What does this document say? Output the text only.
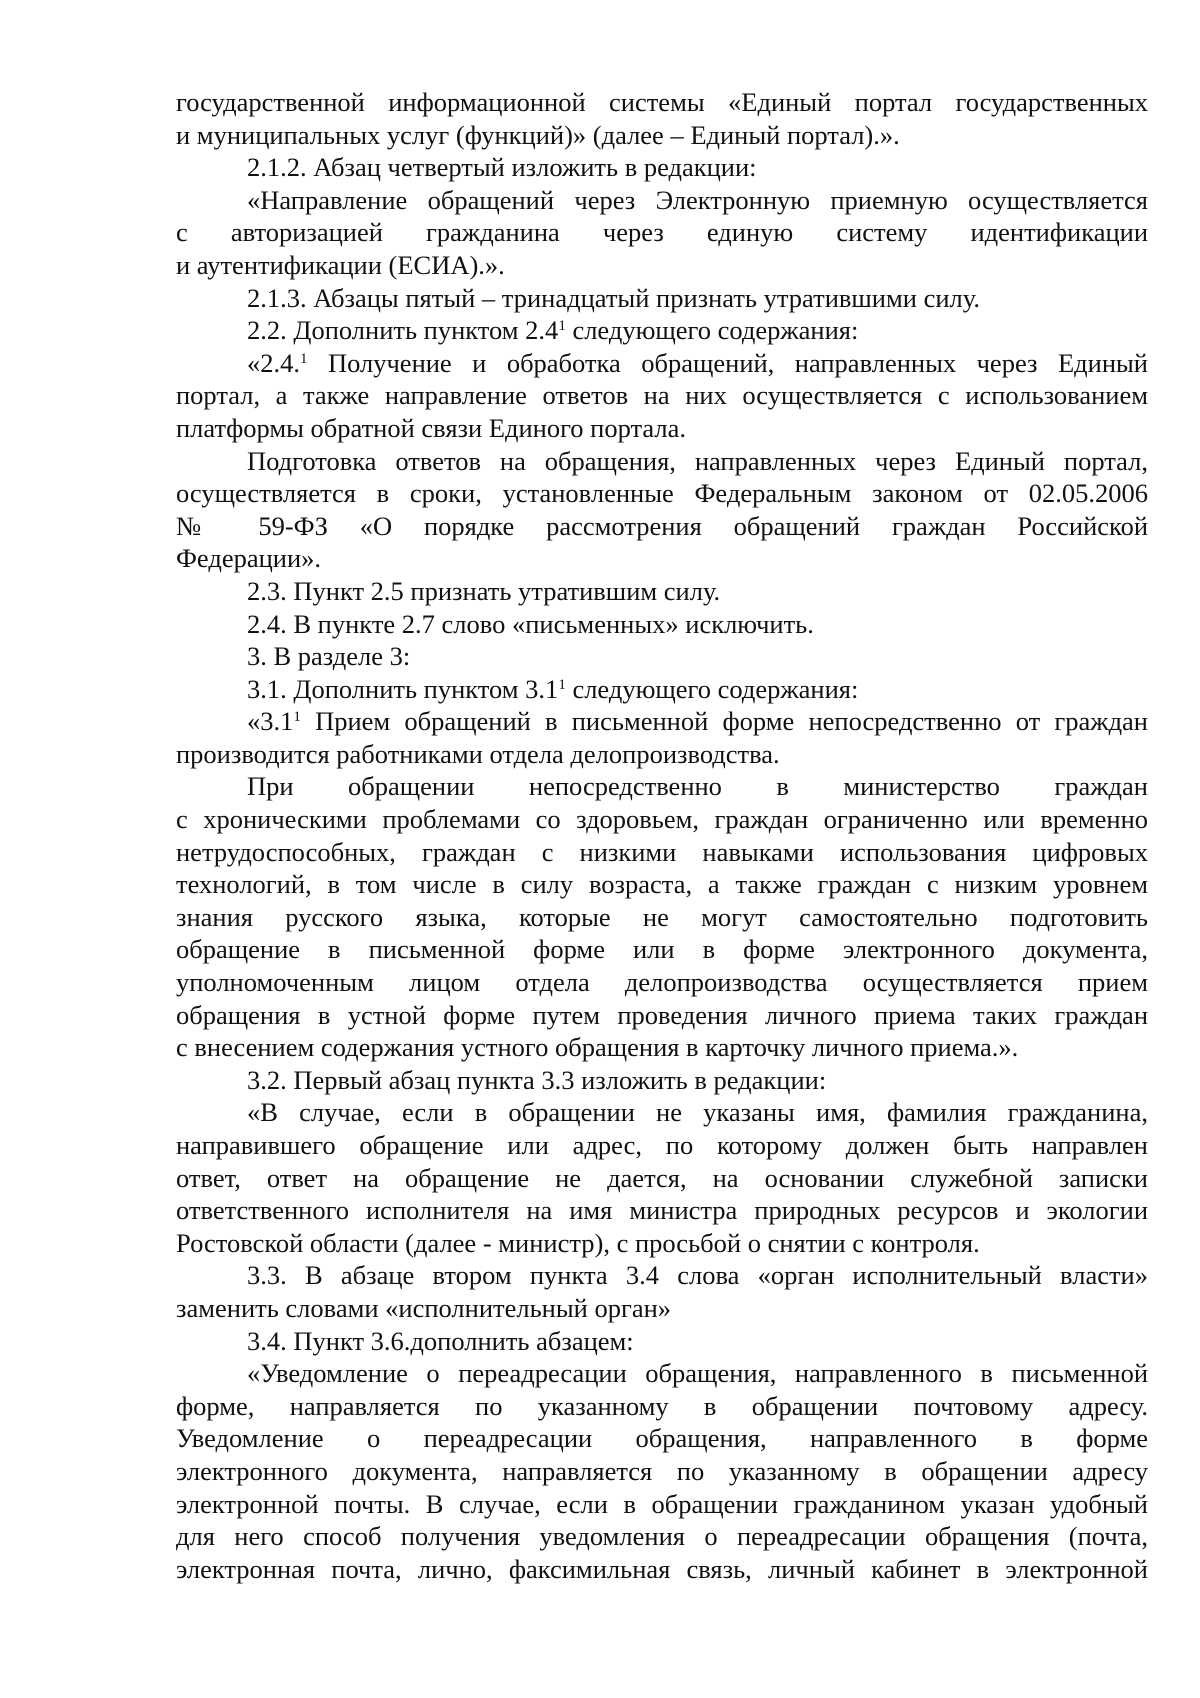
государственной информационной системы «Единый портал государственных
и муниципальных услуг (функций)» (далее – Единый портал).».
2.1.2. Абзац четвертый изложить в редакции:
«Направление обращений через Электронную приемную осуществляется
с авторизацией гражданина через единую систему идентификации
и аутентификации (ЕСИА).».
2.1.3. Абзацы пятый – тринадцатый признать утратившими силу.
2.2. Дополнить пунктом $2.4^1$ следующего содержания:
«2.4.$^1$ Получение и обработка обращений, направленных через Единый
портал, а также направление ответов на них осуществляется с использованием
платформы обратной связи Единого портала.
Подготовка ответов на обращения, направленных через Единый портал,
осуществляется в сроки, установленные Федеральным законом от 02.05.2006
№ 59-ФЗ «О порядке рассмотрения обращений граждан Российской
Федерации».
2.3. Пункт 2.5 признать утратившим силу.
2.4. В пункте 2.7 слово «письменных» исключить.
3. В разделе 3:
3.1. Дополнить пунктом $3.1^1$ следующего содержания:
«$3.1^1$ Прием обращений в письменной форме непосредственно от граждан
производится работниками отдела делопроизводства.
При обращении непосредственно в министерство граждан
с хроническими проблемами со здоровьем, граждан ограниченно или временно
нетрудоспособных, граждан с низкими навыками использования цифровых
технологий, в том числе в силу возраста, а также граждан с низким уровнем
знания русского языка, которые не могут самостоятельно подготовить
обращение в письменной форме или в форме электронного документа,
уполномоченным лицом отдела делопроизводства осуществляется прием
обращения в устной форме путем проведения личного приема таких граждан
с внесением содержания устного обращения в карточку личного приема.».
3.2. Первый абзац пункта 3.3 изложить в редакции:
«В случае, если в обращении не указаны имя, фамилия гражданина,
направившего обращение или адрес, по которому должен быть направлен
ответ, ответ на обращение не дается, на основании служебной записки
ответственного исполнителя на имя министра природных ресурсов и экологии
Ростовской области (далее - министр), с просьбой о снятии с контроля.
3.3. В абзаце втором пункта 3.4 слова «орган исполнительный власти»
заменить словами «исполнительный орган»
3.4. Пункт 3.6.дополнить абзацем:
«Уведомление о переадресации обращения, направленного в письменной
форме, направляется по указанному в обращении почтовому адресу.
Уведомление о переадресации обращения, направленного в форме
электронного документа, направляется по указанному в обращении адресу
электронной почты. В случае, если в обращении гражданином указан удобный
для него способ получения уведомления о переадресации обращения (почта,
электронная почта, лично, факсимильная связь, личный кабинет в электронной
